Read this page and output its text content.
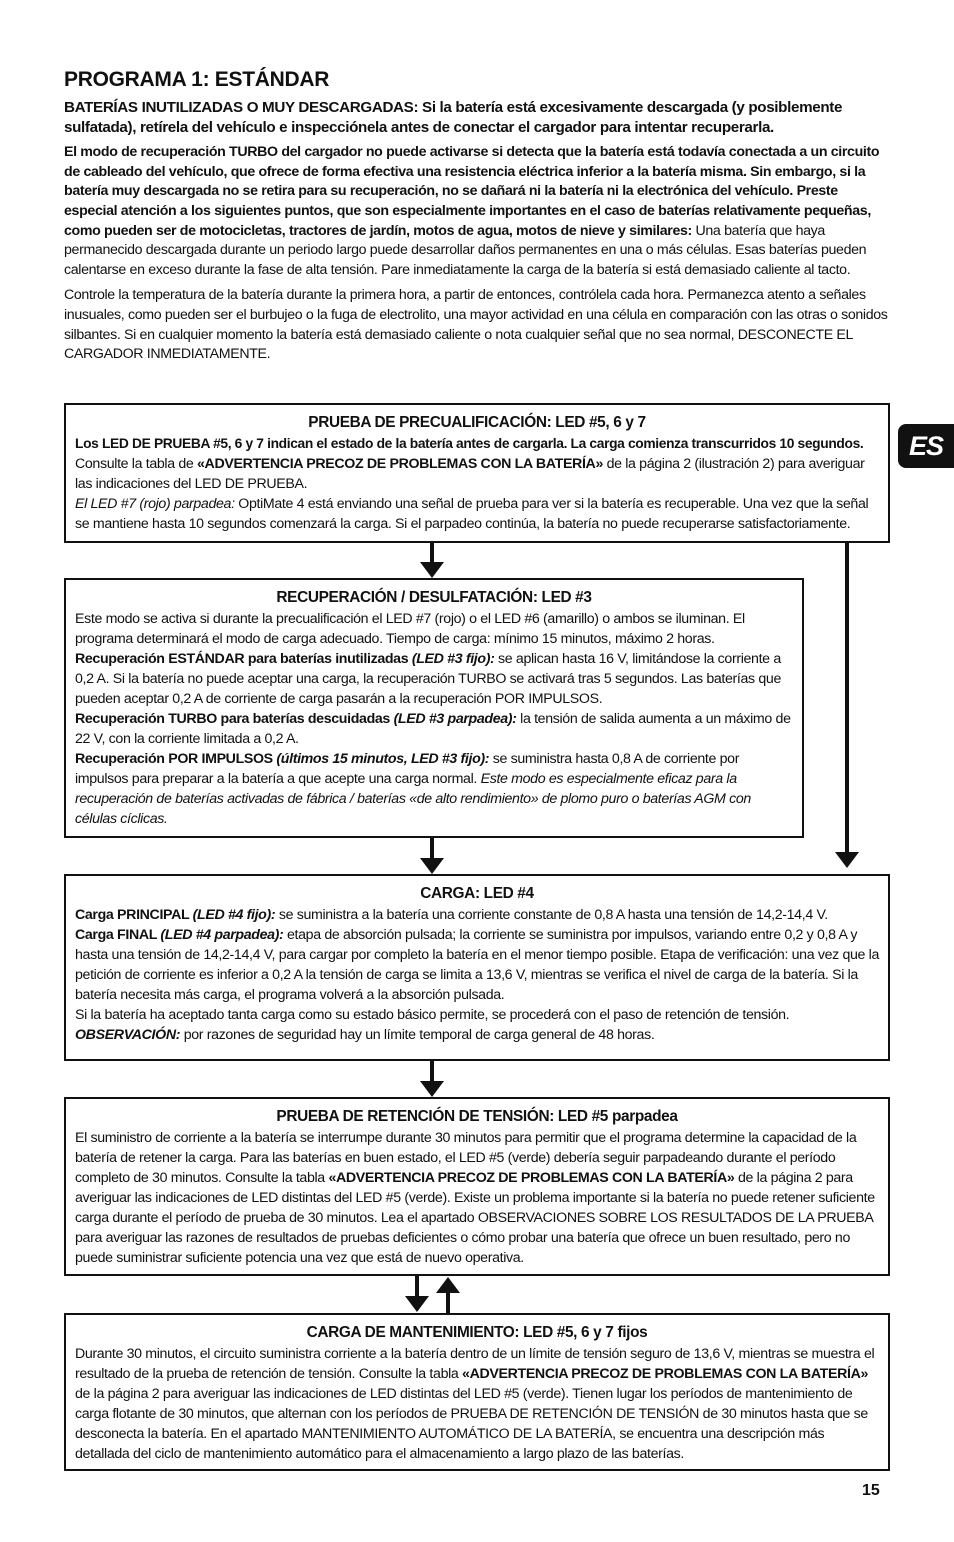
PROGRAMA 1: ESTÁNDAR

BATERÍAS INUTILIZADAS O MUY DESCARGADAS: Si la batería está excesivamente descargada (y posiblemente sulfatada), retírela del vehículo e inspecciónela antes de conectar el cargador para intentar recuperarla.

El modo de recuperación TURBO del cargador no puede activarse si detecta que la batería está todavía conectada a un circuito de cableado del vehículo, que ofrece de forma efectiva una resistencia eléctrica inferior a la batería misma. Sin embargo, si la batería muy descargada no se retira para su recuperación, no se dañará ni la batería ni la electrónica del vehículo. Preste especial atención a los siguientes puntos, que son especialmente importantes en el caso de baterías relativamente pequeñas, como pueden ser de motocicletas, tractores de jardín, motos de agua, motos de nieve y similares: Una batería que haya permanecido descargada durante un periodo largo puede desarrollar daños permanentes en una o más células. Esas baterías pueden calentarse en exceso durante la fase de alta tensión. Pare inmediatamente la carga de la batería si está demasiado caliente al tacto.

Controle la temperatura de la batería durante la primera hora, a partir de entonces, contrólela cada hora. Permanezca atento a señales inusuales, como pueden ser el burbujeo o la fuga de electrolito, una mayor actividad en una célula en comparación con las otras o sonidos silbantes. Si en cualquier momento la batería está demasiado caliente o nota cualquier señal que no sea normal, DESCONECTE EL CARGADOR INMEDIATAMENTE.

PRUEBA DE PRECUALIFICACIÓN: LED #5, 6 y 7

Los LED DE PRUEBA #5, 6 y 7 indican el estado de la batería antes de cargarla. La carga comienza transcurridos 10 segundos. Consulte la tabla de «ADVERTENCIA PRECOZ DE PROBLEMAS CON LA BATERÍA» de la página 2 (ilustración 2) para averiguar las indicaciones del LED DE PRUEBA.

El LED #7 (rojo) parpadea: OptiMate 4 está enviando una señal de prueba para ver si la batería es recuperable. Una vez que la señal se mantiene hasta 10 segundos comenzará la carga. Si el parpadeo continúa, la batería no puede recuperarse satisfactoriamente.

RECUPERACIÓN / DESULFATACIÓN: LED #3

Este modo se activa si durante la precualificación el LED #7 (rojo) o el LED #6 (amarillo) o ambos se iluminan. El programa determinará el modo de carga adecuado. Tiempo de carga: mínimo 15 minutos, máximo 2 horas.

Recuperación ESTÁNDAR para baterías inutilizadas (LED #3 fijo): se aplican hasta 16 V, limitándose la corriente a 0,2 A. Si la batería no puede aceptar una carga, la recuperación TURBO se activará tras 5 segundos. Las baterías que pueden aceptar 0,2 A de corriente de carga pasarán a la recuperación POR IMPULSOS.

Recuperación TURBO para baterías descuidadas (LED #3 parpadea): la tensión de salida aumenta a un máximo de 22 V, con la corriente limitada a 0,2 A.

Recuperación POR IMPULSOS (últimos 15 minutos, LED #3 fijo): se suministra hasta 0,8 A de corriente por impulsos para preparar a la batería a que acepte una carga normal. Este modo es especialmente eficaz para la recuperación de baterías activadas de fábrica / baterías «de alto rendimiento» de plomo puro o baterías AGM con células cíclicas.

CARGA: LED #4

Carga PRINCIPAL (LED #4 fijo): se suministra a la batería una corriente constante de 0,8 A hasta una tensión de 14,2-14,4 V.

Carga FINAL (LED #4 parpadea): etapa de absorción pulsada; la corriente se suministra por impulsos, variando entre 0,2 y 0,8 A y hasta una tensión de 14,2-14,4 V, para cargar por completo la batería en el menor tiempo posible. Etapa de verificación: una vez que la petición de corriente es inferior a 0,2 A la tensión de carga se limita a 13,6 V, mientras se verifica el nivel de carga de la batería. Si la batería necesita más carga, el programa volverá a la absorción pulsada.

Si la batería ha aceptado tanta carga como su estado básico permite, se procederá con el paso de retención de tensión.

OBSERVACIÓN: por razones de seguridad hay un límite temporal de carga general de 48 horas.

PRUEBA DE RETENCIÓN DE TENSIÓN: LED #5 parpadea

El suministro de corriente a la batería se interrumpe durante 30 minutos para permitir que el programa determine la capacidad de la batería de retener la carga. Para las baterías en buen estado, el LED #5 (verde) debería seguir parpadeando durante el período completo de 30 minutos. Consulte la tabla «ADVERTENCIA PRECOZ DE PROBLEMAS CON LA BATERÍA» de la página 2 para averiguar las indicaciones de LED distintas del LED #5 (verde). Existe un problema importante si la batería no puede retener suficiente carga durante el período de prueba de 30 minutos. Lea el apartado OBSERVACIONES SOBRE LOS RESULTADOS DE LA PRUEBA para averiguar las razones de resultados de pruebas deficientes o cómo probar una batería que ofrece un buen resultado, pero no puede suministrar suficiente potencia una vez que está de nuevo operativa.

CARGA DE MANTENIMIENTO: LED #5, 6 y 7 fijos

Durante 30 minutos, el circuito suministra corriente a la batería dentro de un límite de tensión seguro de 13,6 V, mientras se muestra el resultado de la prueba de retención de tensión. Consulte la tabla «ADVERTENCIA PRECOZ DE PROBLEMAS CON LA BATERÍA» de la página 2 para averiguar las indicaciones de LED distintas del LED #5 (verde). Tienen lugar los períodos de mantenimiento de carga flotante de 30 minutos, que alternan con los períodos de PRUEBA DE RETENCIÓN DE TENSIÓN de 30 minutos hasta que se desconecta la batería. En el apartado MANTENIMIENTO AUTOMÁTICO DE LA BATERÍA, se encuentra una descripción más detallada del ciclo de mantenimiento automático para el almacenamiento a largo plazo de las baterías.

ES
15
